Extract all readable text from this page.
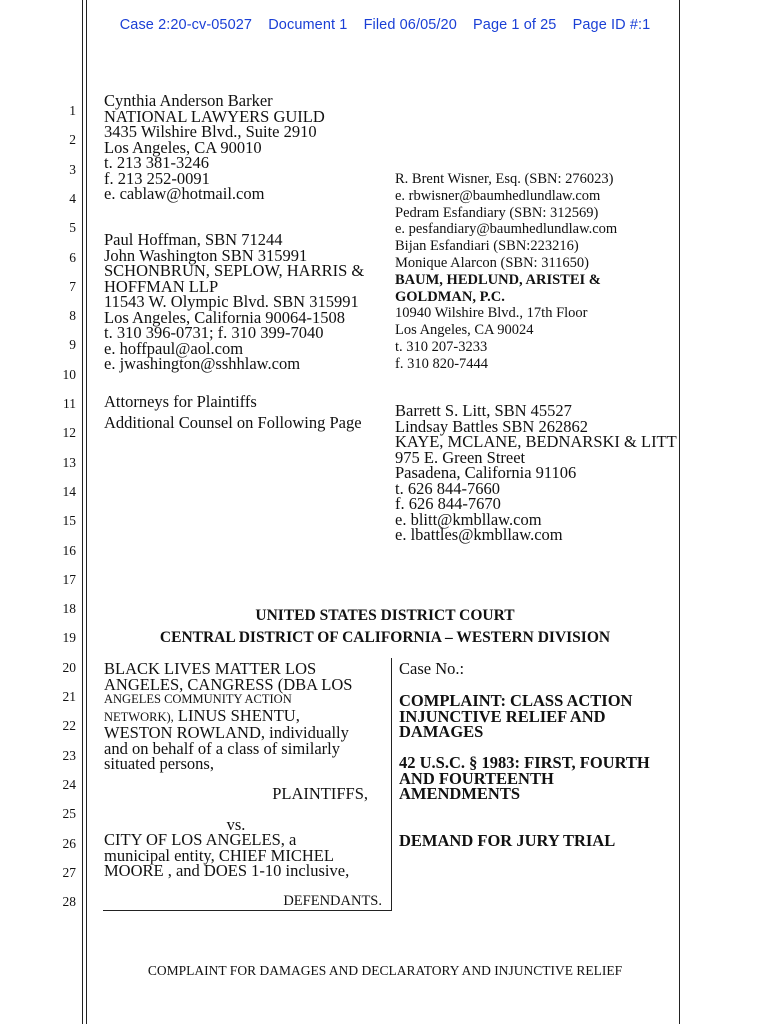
Case 2:20-cv-05027 Document 1 Filed 06/05/20 Page 1 of 25 Page ID #:1
1
2
3
4
5
6
7
8
9
10
11
12
13
14
15
16
17
18
19
20
21
22
23
24
25
26
27
28
Cynthia Anderson Barker
NATIONAL LAWYERS GUILD
3435 Wilshire Blvd., Suite 2910
Los Angeles, CA 90010
t. 213 381-3246
f. 213 252-0091
e. cablaw@hotmail.com
Paul Hoffman, SBN 71244
John Washington SBN 315991
SCHONBRUN, SEPLOW, HARRIS &
HOFFMAN LLP
11543 W. Olympic Blvd. SBN 315991
Los Angeles, California 90064-1508
t. 310 396-0731; f. 310 399-7040
e. hoffpaul@aol.com
e. jwashington@sshhlaw.com
Attorneys for Plaintiffs
Additional Counsel on Following Page
R. Brent Wisner, Esq. (SBN: 276023)
e. rbwisner@baumhedlundlaw.com
Pedram Esfandiary (SBN: 312569)
e. pesfandiary@baumhedlundlaw.com
Bijan Esfandiari (SBN:223216)
Monique Alarcon (SBN: 311650)
BAUM, HEDLUND, ARISTEI &
GOLDMAN, P.C.
10940 Wilshire Blvd., 17th Floor
Los Angeles, CA 90024
t. 310 207-3233
f. 310 820-7444
Barrett S. Litt, SBN 45527
Lindsay Battles SBN 262862
KAYE, MCLANE, BEDNARSKI & LITT
975 E. Green Street
Pasadena, California 91106
t. 626 844-7660
f. 626 844-7670
e. blitt@kmbllaw.com
e. lbattles@kmbllaw.com
UNITED STATES DISTRICT COURT
CENTRAL DISTRICT OF CALIFORNIA – WESTERN DIVISION
BLACK LIVES MATTER LOS
ANGELES, CANGRESS (DBA LOS
ANGELES COMMUNITY ACTION
NETWORK), LINUS SHENTU,
WESTON ROWLAND, individually
and on behalf of a class of similarly
situated persons,
PLAINTIFFS,
vs.
CITY OF LOS ANGELES, a
municipal entity, CHIEF MICHEL
MOORE , and DOES 1-10 inclusive,
DEFENDANTS.
Case No.:
COMPLAINT: CLASS ACTION
INJUNCTIVE RELIEF AND
DAMAGES
42 U.S.C. § 1983: FIRST, FOURTH
AND FOURTEENTH
AMENDMENTS
DEMAND FOR JURY TRIAL
COMPLAINT FOR DAMAGES AND DECLARATORY AND INJUNCTIVE RELIEF
